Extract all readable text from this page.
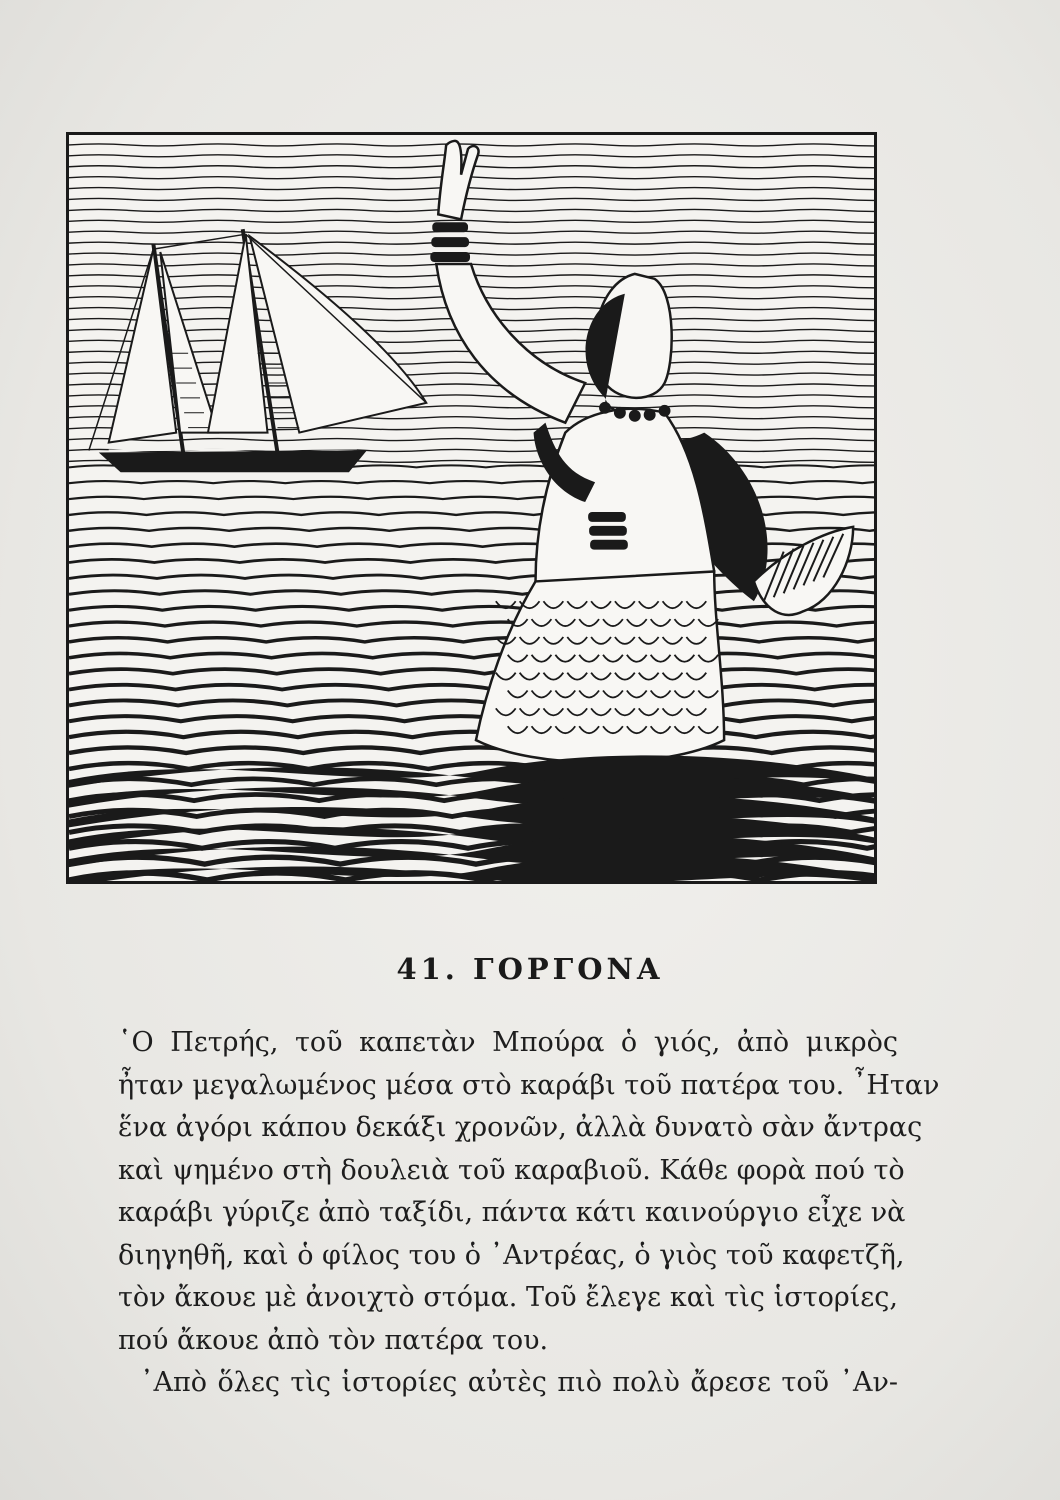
41. ΓΟΡΓΟΝΑ
῾Ο Πετρής, τοῦ καπετὰν Μπούρα ὁ γιός, ἀπὸ μικρὸς
ἦταν μεγαλωμένος μέσα στὸ καράβι τοῦ πατέρα του. ῏Ηταν
ἕνα ἀγόρι κάπου δεκάξι χρονῶν, ἀλλὰ δυνατὸ σὰν ἄντρας
καὶ ψημένο στὴ δουλειὰ τοῦ καραβιοῦ. Κάθε φορὰ πού τὸ
καράβι γύριζε ἀπὸ ταξίδι, πάντα κάτι καινούργιο εἶχε νὰ
διηγηθῆ, καὶ ὁ φίλος του ὁ ᾿Αντρέας, ὁ γιὸς τοῦ καφετζῆ,
τὸν ἄκουε μὲ ἀνοιχτὸ στόμα. Τοῦ ἔλεγε καὶ τὶς ἱστορίες,
πού ἄκουε ἀπὸ τὸν πατέρα του.
᾿Απὸ ὅλες τὶς ἱστορίες αὐτὲς πιὸ πολὺ ἄρεσε τοῦ ᾿Αν-
